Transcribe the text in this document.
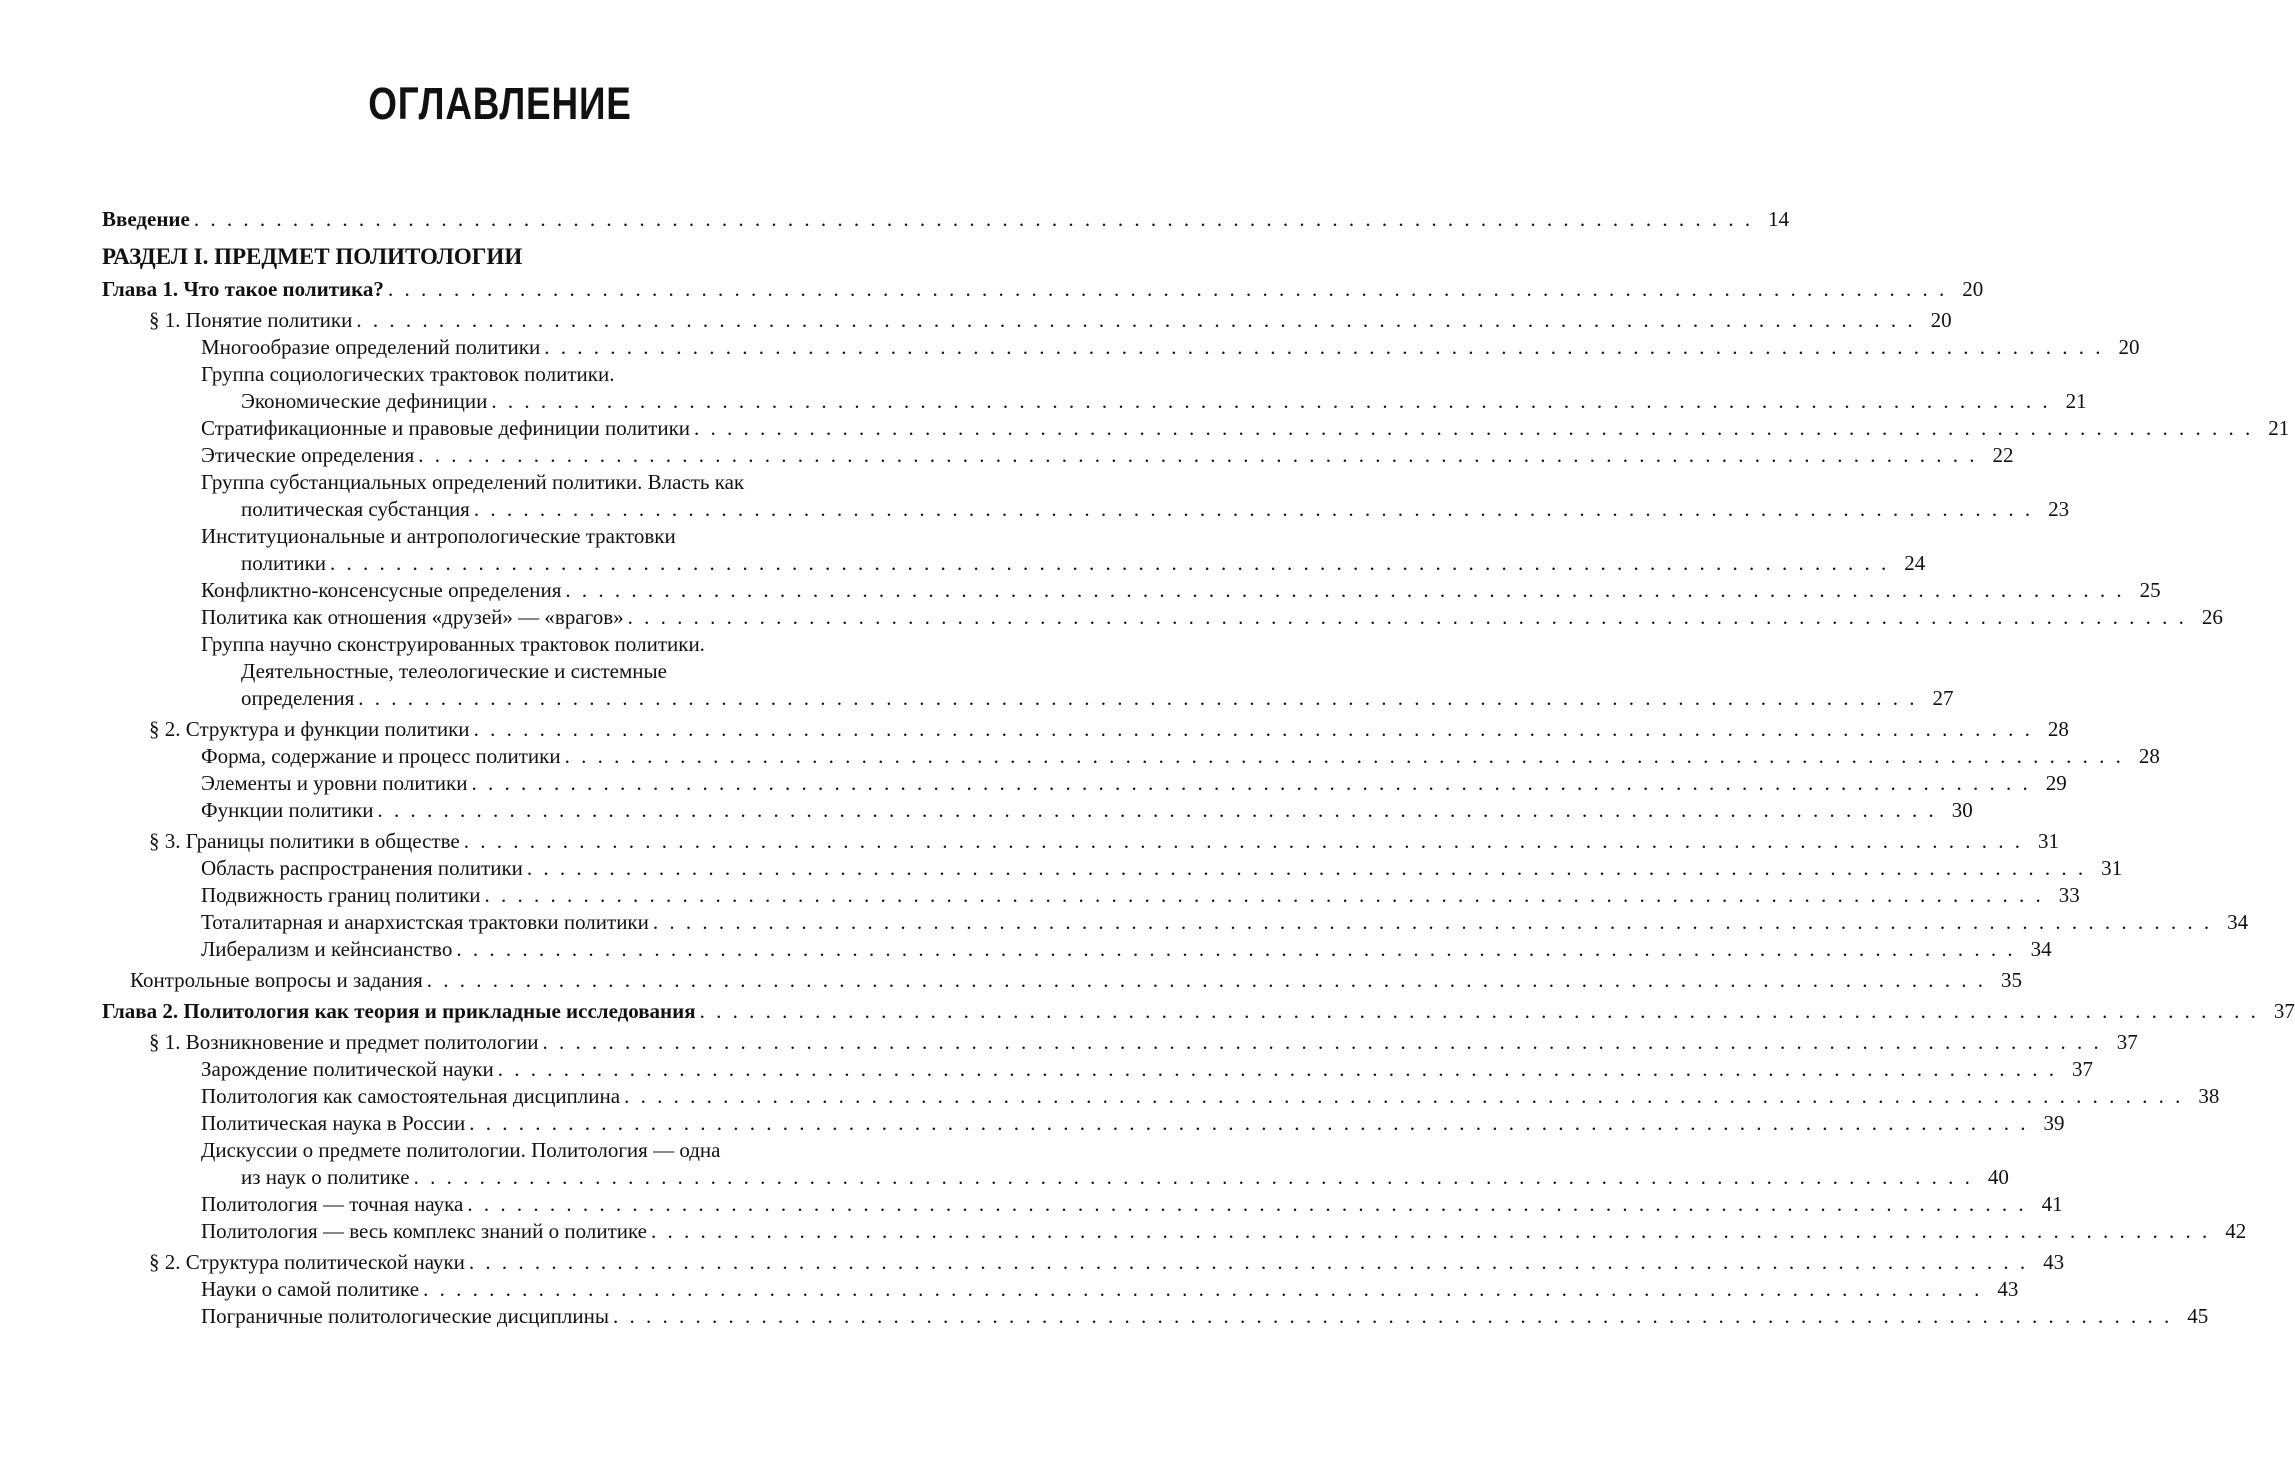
ОГЛАВЛЕНИЕ
Введение . . . . . . . . . . . . . . . . . . . . . . . . . . . . . . . . . . . . . . . . . . . . . . . . . . . . . . . . . . . . . . . . . . . . . . . . . . . . . . . . . . . . . . . . . . . . . . . 14
РАЗДЕЛ I. ПРЕДМЕТ ПОЛИТОЛОГИИ
Глава 1. Что такое политика? . . . . . . . . . . . . . . . . . . . . . . . . . . . . . . . . . . . . . . . . . . . . . . . . . . . . . . . . . . . . . . . . . . . . . . . . . . . . . . . . . . . . . . . . . . . . . . . 20
§ 1. Понятие политики . . . . . . . . . . . . . . . . . . . . . . . . . . . . . . . . . . . . . . . . . . . . . . . . . . . . . . . . . . . . . . . . . . . . . . . . . . . . . . . . . . . . . . . . . . . . . . . 20
Многообразие определений политики . . . . . . . . . . . . . . . . . . . . . . . . . . . . . . . . . . . . . . . . . . . . . . . . . . . . . . . . . . . . . . . . . . . . . . . . . . . . . . . . . . . . . . . . . . . . . . . 20
Группа социологических трактовок политики.
Экономические дефиниции . . . . . . . . . . . . . . . . . . . . . . . . . . . . . . . . . . . . . . . . . . . . . . . . . . . . . . . . . . . . . . . . . . . . . . . . . . . . . . . . . . . . . . . . . . . . . . . 21
Стратификационные и правовые дефиниции политики . . . . . . . . . . . . . . . . . . . . . . . . . . . . . . . . . . . . . . . . . . . . . . . . . . . . . . . . . . . . . . . . . . . . . . . . . . . . . . . . . . . . . . . . . . . . . . . 21
Этические определения . . . . . . . . . . . . . . . . . . . . . . . . . . . . . . . . . . . . . . . . . . . . . . . . . . . . . . . . . . . . . . . . . . . . . . . . . . . . . . . . . . . . . . . . . . . . . . . 22
Группа субстанциальных определений политики. Власть как
политическая субстанция . . . . . . . . . . . . . . . . . . . . . . . . . . . . . . . . . . . . . . . . . . . . . . . . . . . . . . . . . . . . . . . . . . . . . . . . . . . . . . . . . . . . . . . . . . . . . . . 23
Институциональные и антропологические трактовки
политики . . . . . . . . . . . . . . . . . . . . . . . . . . . . . . . . . . . . . . . . . . . . . . . . . . . . . . . . . . . . . . . . . . . . . . . . . . . . . . . . . . . . . . . . . . . . . . . 24
Конфликтно-консенсусные определения . . . . . . . . . . . . . . . . . . . . . . . . . . . . . . . . . . . . . . . . . . . . . . . . . . . . . . . . . . . . . . . . . . . . . . . . . . . . . . . . . . . . . . . . . . . . . . . 25
Политика как отношения «друзей» — «врагов» . . . . . . . . . . . . . . . . . . . . . . . . . . . . . . . . . . . . . . . . . . . . . . . . . . . . . . . . . . . . . . . . . . . . . . . . . . . . . . . . . . . . . . . . . . . . . . . 26
Группа научно сконструированных трактовок политики.
Деятельностные, телеологические и системные
определения . . . . . . . . . . . . . . . . . . . . . . . . . . . . . . . . . . . . . . . . . . . . . . . . . . . . . . . . . . . . . . . . . . . . . . . . . . . . . . . . . . . . . . . . . . . . . . . 27
§ 2. Структура и функции политики . . . . . . . . . . . . . . . . . . . . . . . . . . . . . . . . . . . . . . . . . . . . . . . . . . . . . . . . . . . . . . . . . . . . . . . . . . . . . . . . . . . . . . . . . . . . . . . 28
Форма, содержание и процесс политики . . . . . . . . . . . . . . . . . . . . . . . . . . . . . . . . . . . . . . . . . . . . . . . . . . . . . . . . . . . . . . . . . . . . . . . . . . . . . . . . . . . . . . . . . . . . . . . 28
Элементы и уровни политики . . . . . . . . . . . . . . . . . . . . . . . . . . . . . . . . . . . . . . . . . . . . . . . . . . . . . . . . . . . . . . . . . . . . . . . . . . . . . . . . . . . . . . . . . . . . . . . 29
Функции политики . . . . . . . . . . . . . . . . . . . . . . . . . . . . . . . . . . . . . . . . . . . . . . . . . . . . . . . . . . . . . . . . . . . . . . . . . . . . . . . . . . . . . . . . . . . . . . . 30
§ 3. Границы политики в обществе . . . . . . . . . . . . . . . . . . . . . . . . . . . . . . . . . . . . . . . . . . . . . . . . . . . . . . . . . . . . . . . . . . . . . . . . . . . . . . . . . . . . . . . . . . . . . . . 31
Область распространения политики . . . . . . . . . . . . . . . . . . . . . . . . . . . . . . . . . . . . . . . . . . . . . . . . . . . . . . . . . . . . . . . . . . . . . . . . . . . . . . . . . . . . . . . . . . . . . . . 31
Подвижность границ политики . . . . . . . . . . . . . . . . . . . . . . . . . . . . . . . . . . . . . . . . . . . . . . . . . . . . . . . . . . . . . . . . . . . . . . . . . . . . . . . . . . . . . . . . . . . . . . . 33
Тоталитарная и анархистская трактовки политики . . . . . . . . . . . . . . . . . . . . . . . . . . . . . . . . . . . . . . . . . . . . . . . . . . . . . . . . . . . . . . . . . . . . . . . . . . . . . . . . . . . . . . . . . . . . . . . 34
Либерализм и кейнсианство . . . . . . . . . . . . . . . . . . . . . . . . . . . . . . . . . . . . . . . . . . . . . . . . . . . . . . . . . . . . . . . . . . . . . . . . . . . . . . . . . . . . . . . . . . . . . . . 34
Контрольные вопросы и задания . . . . . . . . . . . . . . . . . . . . . . . . . . . . . . . . . . . . . . . . . . . . . . . . . . . . . . . . . . . . . . . . . . . . . . . . . . . . . . . . . . . . . . . . . . . . . . . 35
Глава 2. Политология как теория и прикладные исследования . . . . . . . . . . . . . . . . . . . . . . . . . . . . . . . . . . . . . . . . . . . . . . . . . . . . . . . . . . . . . . . . . . . . . . . . . . . . . . . . . . . . . . . . . . . . . . . 37
§ 1. Возникновение и предмет политологии . . . . . . . . . . . . . . . . . . . . . . . . . . . . . . . . . . . . . . . . . . . . . . . . . . . . . . . . . . . . . . . . . . . . . . . . . . . . . . . . . . . . . . . . . . . . . . . 37
Зарождение политической науки . . . . . . . . . . . . . . . . . . . . . . . . . . . . . . . . . . . . . . . . . . . . . . . . . . . . . . . . . . . . . . . . . . . . . . . . . . . . . . . . . . . . . . . . . . . . . . . 37
Политология как самостоятельная дисциплина . . . . . . . . . . . . . . . . . . . . . . . . . . . . . . . . . . . . . . . . . . . . . . . . . . . . . . . . . . . . . . . . . . . . . . . . . . . . . . . . . . . . . . . . . . . . . . . 38
Политическая наука в России . . . . . . . . . . . . . . . . . . . . . . . . . . . . . . . . . . . . . . . . . . . . . . . . . . . . . . . . . . . . . . . . . . . . . . . . . . . . . . . . . . . . . . . . . . . . . . . 39
Дискуссии о предмете политологии. Политология — одна
из наук о политике . . . . . . . . . . . . . . . . . . . . . . . . . . . . . . . . . . . . . . . . . . . . . . . . . . . . . . . . . . . . . . . . . . . . . . . . . . . . . . . . . . . . . . . . . . . . . . . 40
Политология — точная наука . . . . . . . . . . . . . . . . . . . . . . . . . . . . . . . . . . . . . . . . . . . . . . . . . . . . . . . . . . . . . . . . . . . . . . . . . . . . . . . . . . . . . . . . . . . . . . . 41
Политология — весь комплекс знаний о политике . . . . . . . . . . . . . . . . . . . . . . . . . . . . . . . . . . . . . . . . . . . . . . . . . . . . . . . . . . . . . . . . . . . . . . . . . . . . . . . . . . . . . . . . . . . . . . . 42
§ 2. Структура политической науки . . . . . . . . . . . . . . . . . . . . . . . . . . . . . . . . . . . . . . . . . . . . . . . . . . . . . . . . . . . . . . . . . . . . . . . . . . . . . . . . . . . . . . . . . . . . . . . 43
Науки о самой политике . . . . . . . . . . . . . . . . . . . . . . . . . . . . . . . . . . . . . . . . . . . . . . . . . . . . . . . . . . . . . . . . . . . . . . . . . . . . . . . . . . . . . . . . . . . . . . . 43
Пограничные политологические дисциплины . . . . . . . . . . . . . . . . . . . . . . . . . . . . . . . . . . . . . . . . . . . . . . . . . . . . . . . . . . . . . . . . . . . . . . . . . . . . . . . . . . . . . . . . . . . . . . . 45
